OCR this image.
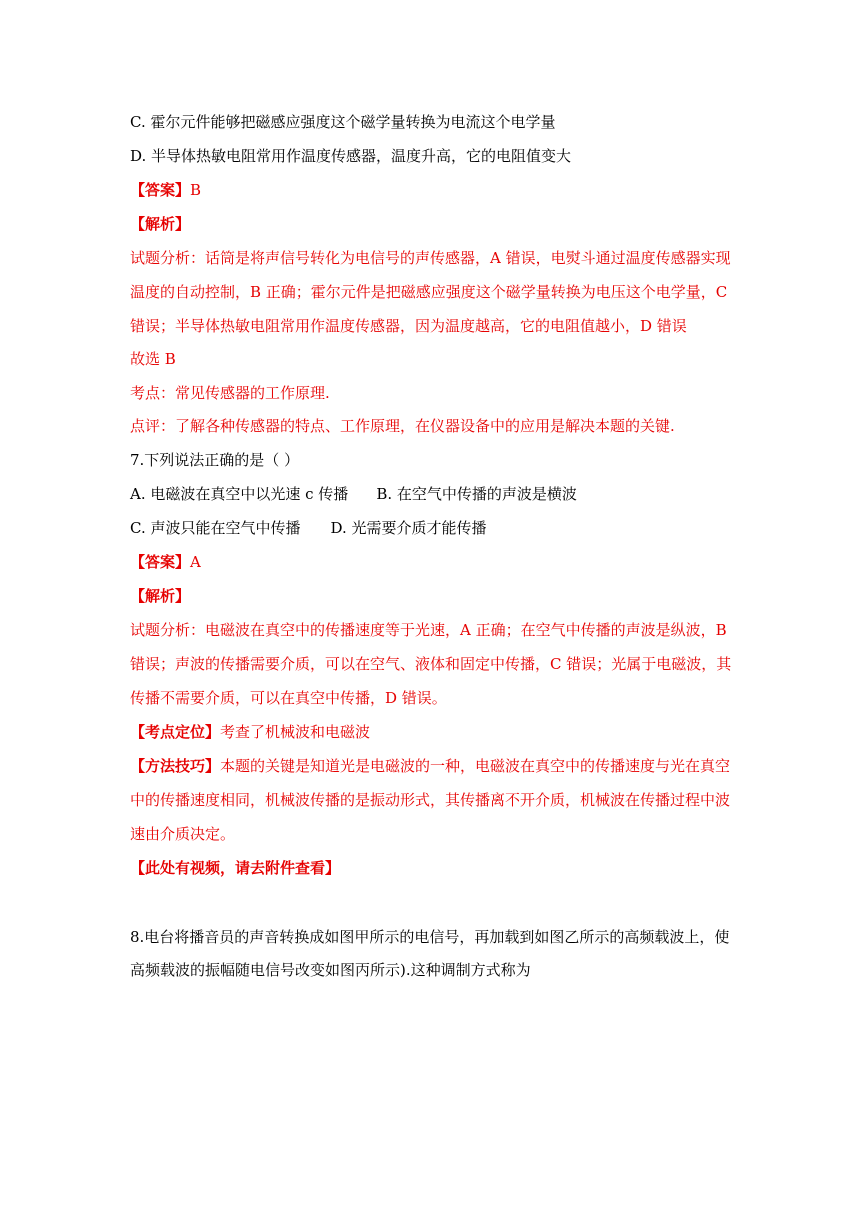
C. 霍尔元件能够把磁感应强度这个磁学量转换为电流这个电学量
D. 半导体热敏电阻常用作温度传感器，温度升高，它的电阻值变大
【答案】B
【解析】
试题分析：话筒是将声信号转化为电信号的声传感器，A 错误，电熨斗通过温度传感器实现
温度的自动控制，B 正确；霍尔元件是把磁感应强度这个磁学量转换为电压这个电学量，C
错误；半导体热敏电阻常用作温度传感器，因为温度越高，它的电阻值越小，D 错误
故选 B
考点：常见传感器的工作原理.
点评：了解各种传感器的特点、工作原理，在仪器设备中的应用是解决本题的关键.
7.下列说法正确的是（ ）
A. 电磁波在真空中以光速 c 传播 B. 在空气中传播的声波是横波
C. 声波只能在空气中传播 D. 光需要介质才能传播
【答案】A
【解析】
试题分析：电磁波在真空中的传播速度等于光速，A 正确；在空气中传播的声波是纵波，B
错误；声波的传播需要介质，可以在空气、液体和固定中传播，C 错误；光属于电磁波，其
传播不需要介质，可以在真空中传播，D 错误。
【考点定位】考查了机械波和电磁波
【方法技巧】本题的关键是知道光是电磁波的一种，电磁波在真空中的传播速度与光在真空
中的传播速度相同，机械波传播的是振动形式，其传播离不开介质，机械波在传播过程中波
速由介质决定。
【此处有视频，请去附件查看】
8.电台将播音员的声音转换成如图甲所示的电信号，再加载到如图乙所示的高频载波上，使
高频载波的振幅随电信号改变如图丙所示).这种调制方式称为
